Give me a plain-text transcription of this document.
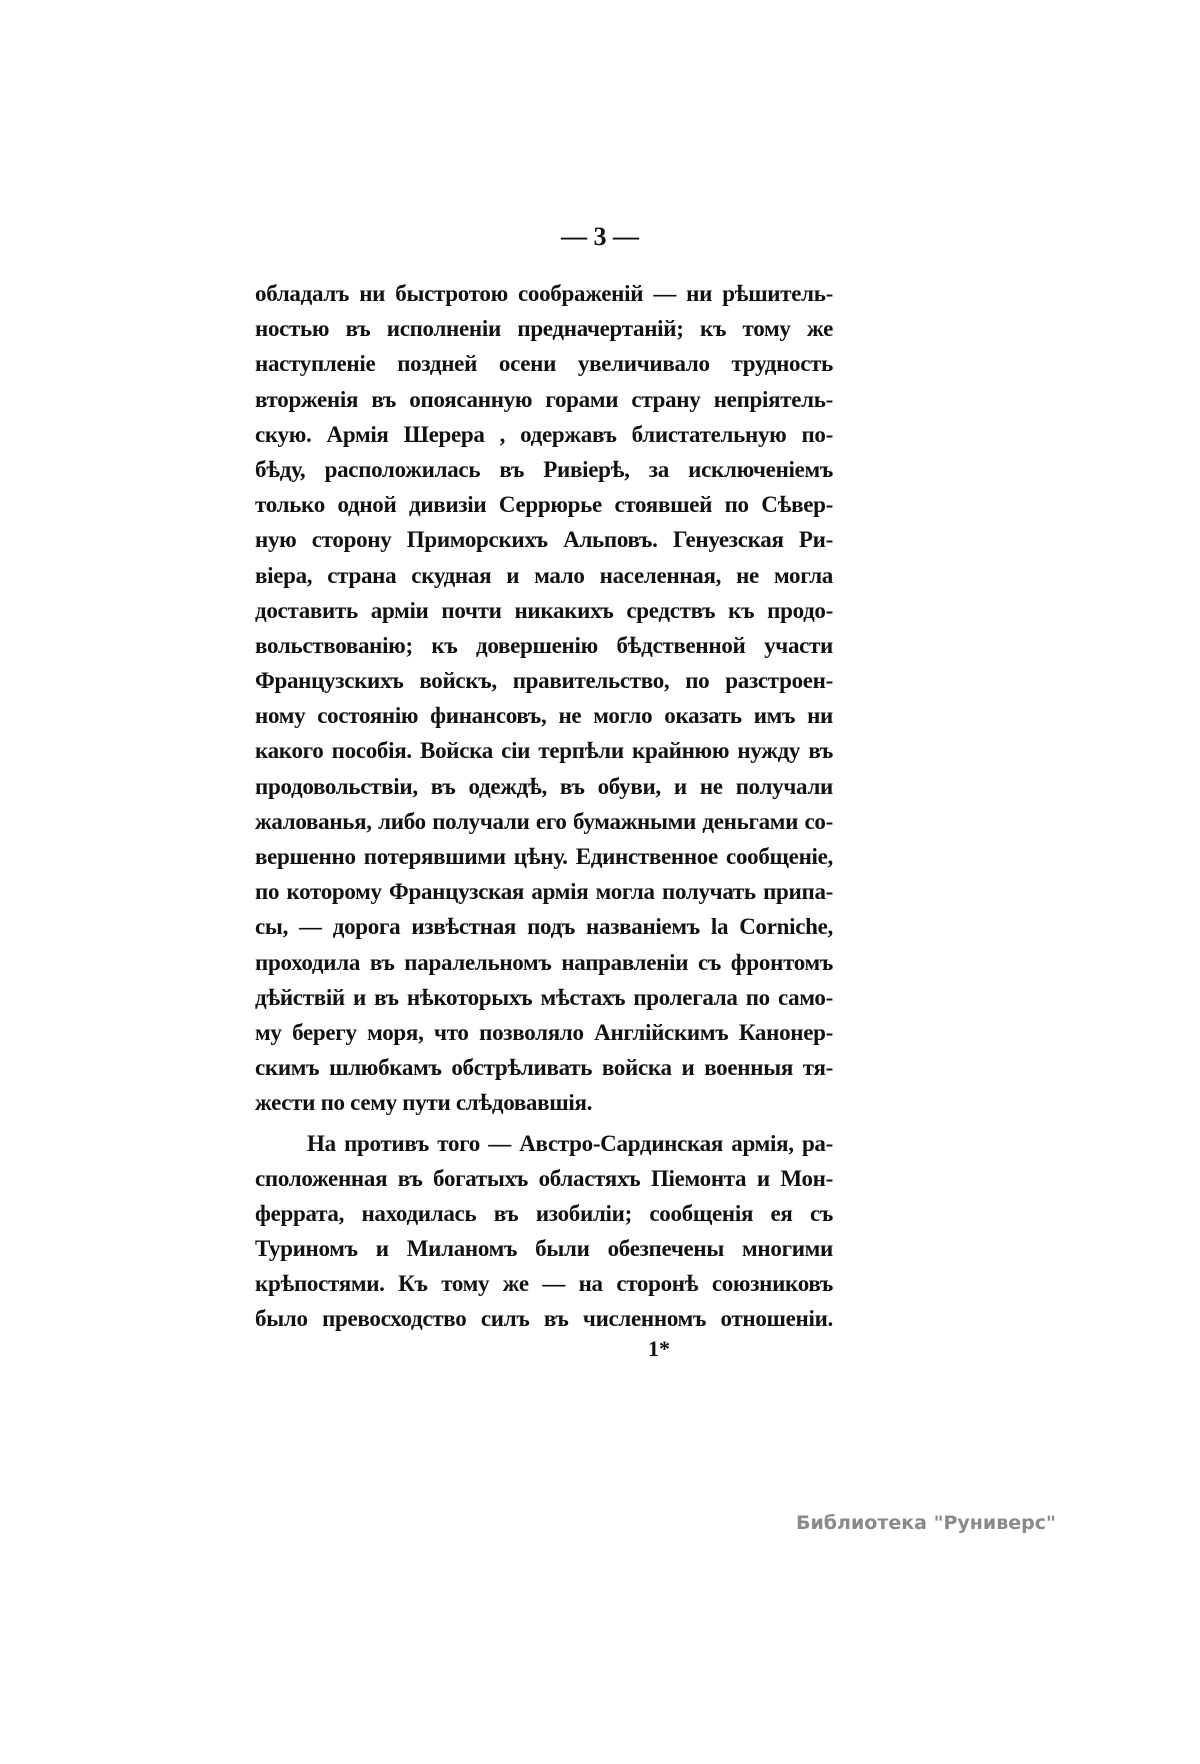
— 3 —
обладалъ ни быстротою соображеній — ни рѣшитель-
ностью въ исполненіи предначертаній; къ тому же
наступленіе поздней осени увеличивало трудность
вторженія въ опоясанную горами страну непріятель-
скую. Армія Шерера , одержавъ блистательную по-
бѣду, расположилась въ Ривіерѣ, за исключеніемъ
только одной дивизіи Серрюрье стоявшей по Сѣвер-
ную сторону Приморскихъ Альповъ. Генуезская Ри-
віера, страна скудная и мало населенная, не могла
доставить арміи почти никакихъ средствъ къ продо-
вольствованію; къ довершенію бѣдственной участи
Французскихъ войскъ, правительство, по разстроен-
ному состоянію финансовъ, не могло оказать имъ ни
какого пособія. Войска сіи терпѣли крайнюю нужду въ
продовольствіи, въ одеждѣ, въ обуви, и не получали
жалованья, либо получали его бумажными деньгами со-
вершенно потерявшими цѣну. Единственное сообщеніе,
по которому Французская армія могла получать припа-
сы, — дорога извѣстная подъ названіемъ la Corniche,
проходила въ паралельномъ направленіи съ фронтомъ
дѣйствій и въ нѣкоторыхъ мѣстахъ пролегала по само-
му берегу моря, что позволяло Англійскимъ Канонер-
скимъ шлюбкамъ обстрѣливать войска и военныя тя-
жести по сему пути слѣдовавшія.
На противъ того — Австро-Сардинская армія, ра-
сположенная въ богатыхъ областяхъ Піемонта и Мон-
феррата, находилась въ изобиліи; сообщенія ея съ
Туриномъ и Миланомъ были обезпечены многими
крѣпостями. Къ тому же — на сторонѣ союзниковъ
было превосходство силъ въ численномъ отношеніи.
1*
Библиотека "Руниверс"
